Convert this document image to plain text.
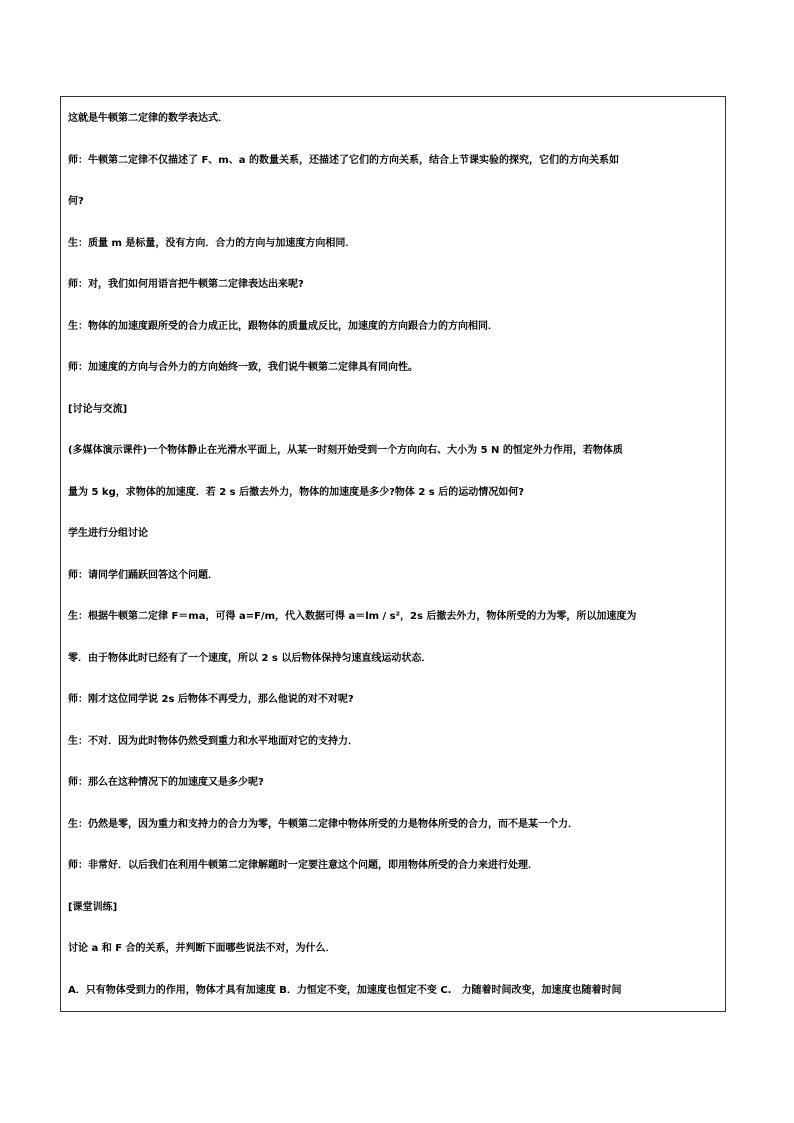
这就是牛顿第二定律的数学表达式．
师：牛顿第二定律不仅描述了 F、m、a 的数量关系，还描述了它们的方向关系，结合上节课实验的探究，它们的方向关系如
何?
生：质量 m 是标量，没有方向．合力的方向与加速度方向相同．
师：对，我们如何用语言把牛顿第二定律表达出来呢?
生：物体的加速度跟所受的合力成正比，跟物体的质量成反比，加速度的方向跟合力的方向相同．
师：加速度的方向与合外力的方向始终一致，我们说牛顿第二定律具有同向性。
[讨论与交流]
(多媒体演示课件)一个物体静止在光滑水平面上，从某一时刻开始受到一个方向向右、大小为 5 N 的恒定外力作用，若物体质
量为 5 kg，求物体的加速度．若 2 s 后撤去外力，物体的加速度是多少?物体 2 s 后的运动情况如何?
学生进行分组讨论
师：请同学们踊跃回答这个问题．
生：根据牛顿第二定律 F＝ma，可得 a=F/m，代入数据可得 a＝lm / s²，2s 后撤去外力，物体所受的力为零，所以加速度为
零．由于物体此时已经有了一个速度，所以 2 s 以后物体保持匀速直线运动状态．
师：刚才这位同学说 2s 后物体不再受力，那么他说的对不对呢?
生：不对．因为此时物体仍然受到重力和水平地面对它的支持力．
师：那么在这种情况下的加速度又是多少呢?
生：仍然是零，因为重力和支持力的合力为零，牛顿第二定律中物体所受的力是物体所受的合力，而不是某一个力．
师：非常好．以后我们在利用牛顿第二定律解题时一定要注意这个问题，即用物体所受的合力来进行处理．
[课堂训练]
讨论 a 和 F 合的关系，并判断下面哪些说法不对，为什么．
A．只有物体受到力的作用，物体才具有加速度 B．力恒定不变，加速度也恒定不变 C.　力随着时间改变，加速度也随着时间
